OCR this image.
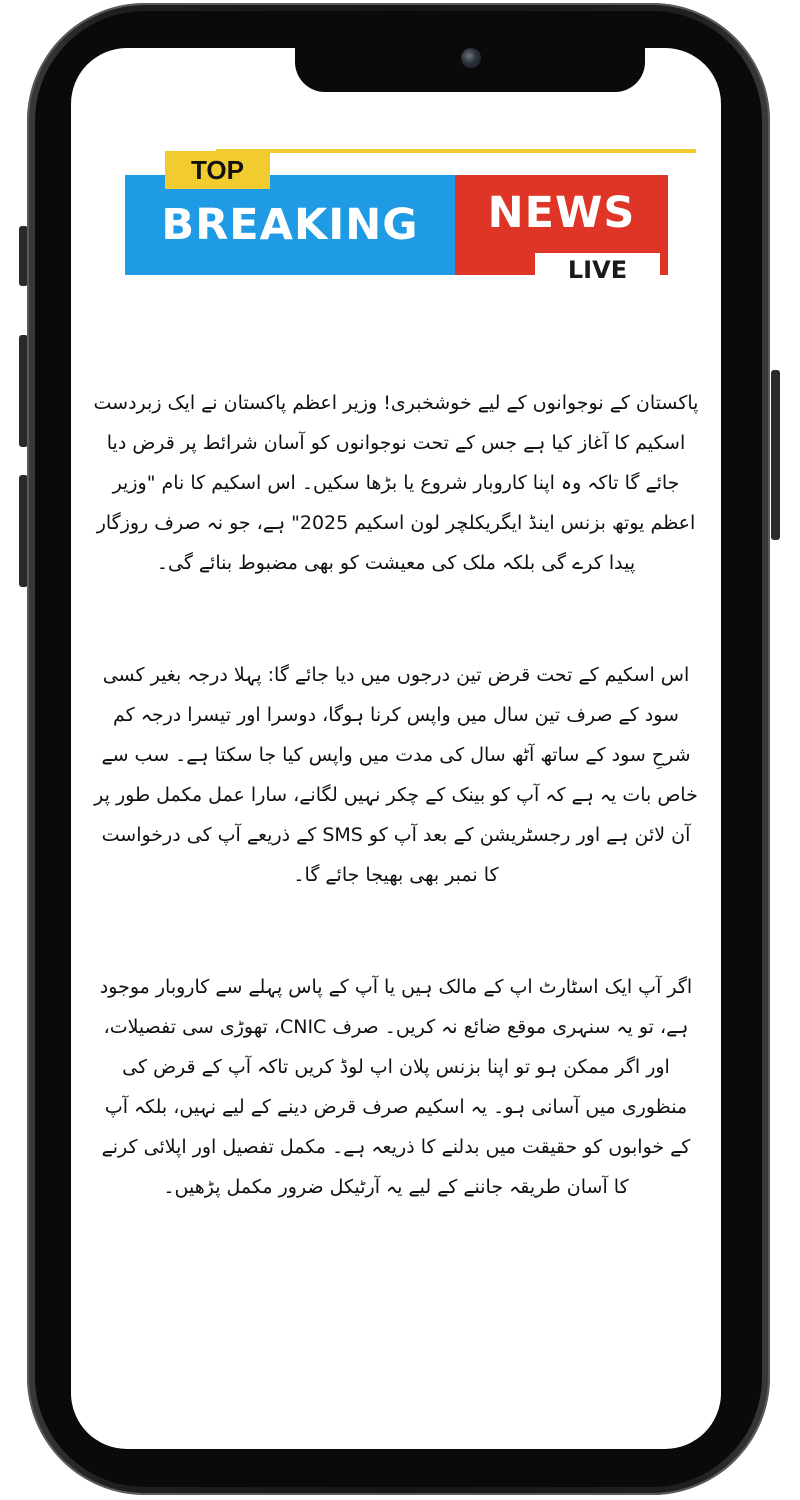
BREAKING	NEWS
TOP
LIVE

پاکستان کے نوجوانوں کے لیے خوشخبری! وزیر اعظم پاکستان نے ایک زبردست اسکیم کا آغاز کیا ہے جس کے تحت نوجوانوں کو آسان شرائط پر قرض دیا جائے گا تاکہ وہ اپنا کاروبار شروع یا بڑھا سکیں۔ اس اسکیم کا نام "وزیر اعظم یوتھ بزنس اینڈ ایگریکلچر لون اسکیم 2025" ہے، جو نہ صرف روزگار پیدا کرے گی بلکہ ملک کی معیشت کو بھی مضبوط بنائے گی۔

اس اسکیم کے تحت قرض تین درجوں میں دیا جائے گا: پہلا درجہ بغیر کسی سود کے صرف تین سال میں واپس کرنا ہوگا، دوسرا اور تیسرا درجہ کم شرحِ سود کے ساتھ آٹھ سال کی مدت میں واپس کیا جا سکتا ہے۔ سب سے خاص بات یہ ہے کہ آپ کو بینک کے چکر نہیں لگانے، سارا عمل مکمل طور پر آن لائن ہے اور رجسٹریشن کے بعد آپ کو SMS کے ذریعے آپ کی درخواست کا نمبر بھی بھیجا جائے گا۔

اگر آپ ایک اسٹارٹ اپ کے مالک ہیں یا آپ کے پاس پہلے سے کاروبار موجود ہے، تو یہ سنہری موقع ضائع نہ کریں۔ صرف CNIC، تھوڑی سی تفصیلات، اور اگر ممکن ہو تو اپنا بزنس پلان اپ لوڈ کریں تاکہ آپ کے قرض کی منظوری میں آسانی ہو۔ یہ اسکیم صرف قرض دینے کے لیے نہیں، بلکہ آپ کے خوابوں کو حقیقت میں بدلنے کا ذریعہ ہے۔ مکمل تفصیل اور اپلائی کرنے کا آسان طریقہ جاننے کے لیے یہ آرٹیکل ضرور مکمل پڑھیں۔
